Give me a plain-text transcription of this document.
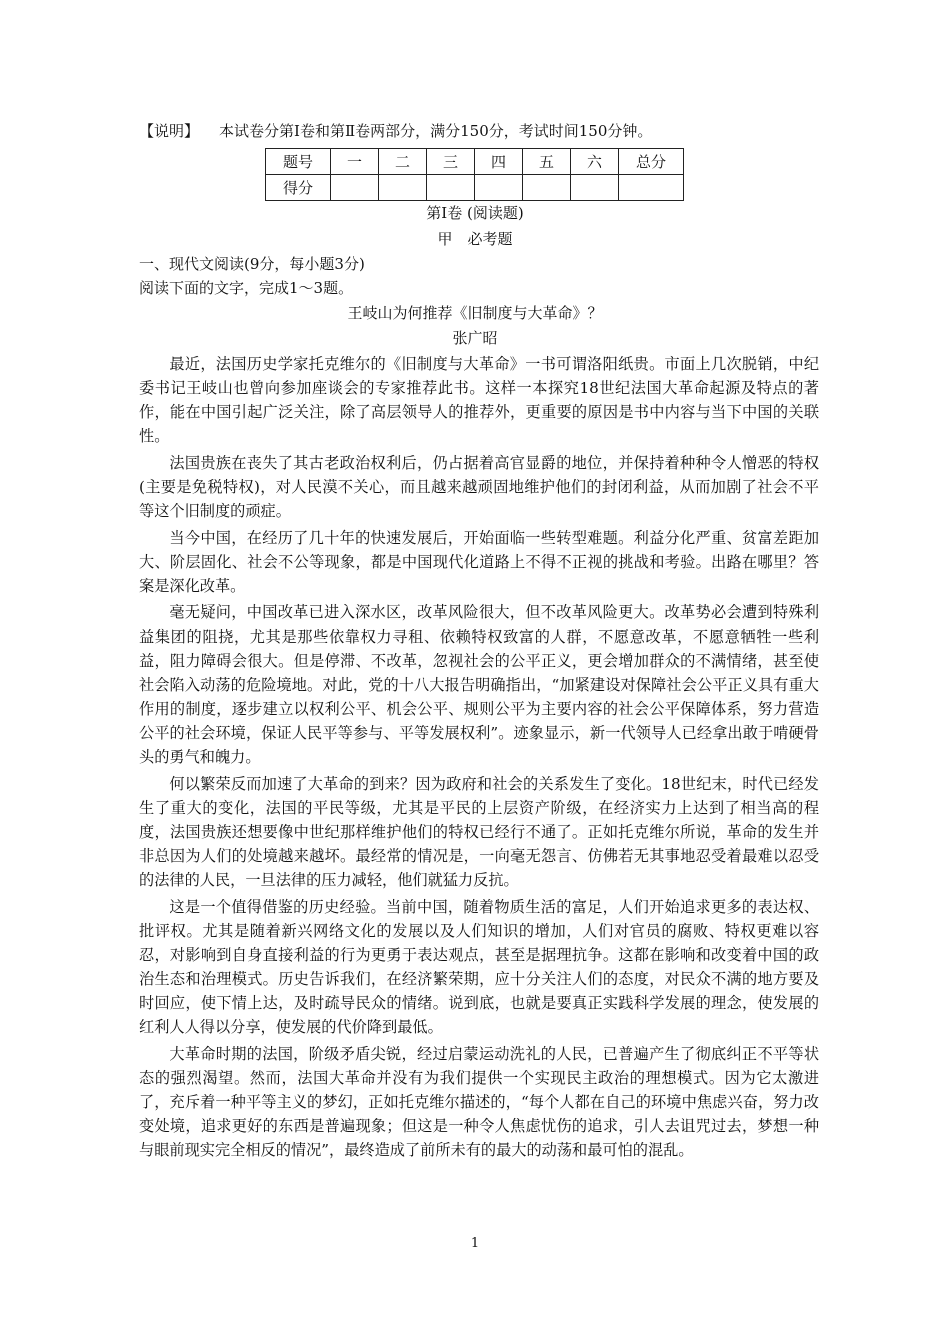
【说明】 本试卷分第Ⅰ卷和第Ⅱ卷两部分，满分150分，考试时间150分钟。
题号	一	二	三	四	五	六	总分
得分							
第Ⅰ卷 (阅读题)
甲　必考题
一、现代文阅读(9分，每小题3分)
阅读下面的文字，完成1～3题。
王岐山为何推荐《旧制度与大革命》？
张广昭

最近，法国历史学家托克维尔的《旧制度与大革命》一书可谓洛阳纸贵。市面上几次脱销，中纪委书记王岐山也曾向参加座谈会的专家推荐此书。这样一本探究18世纪法国大革命起源及特点的著作，能在中国引起广泛关注，除了高层领导人的推荐外，更重要的原因是书中内容与当下中国的关联性。

法国贵族在丧失了其古老政治权利后，仍占据着高官显爵的地位，并保持着种种令人憎恶的特权(主要是免税特权)，对人民漠不关心，而且越来越顽固地维护他们的封闭利益，从而加剧了社会不平等这个旧制度的顽症。

当今中国，在经历了几十年的快速发展后，开始面临一些转型难题。利益分化严重、贫富差距加大、阶层固化、社会不公等现象，都是中国现代化道路上不得不正视的挑战和考验。出路在哪里？答案是深化改革。

毫无疑问，中国改革已进入深水区，改革风险很大，但不改革风险更大。改革势必会遭到特殊利益集团的阻挠，尤其是那些依靠权力寻租、依赖特权致富的人群，不愿意改革，不愿意牺牲一些利益，阻力障碍会很大。但是停滞、不改革，忽视社会的公平正义，更会增加群众的不满情绪，甚至使社会陷入动荡的危险境地。对此，党的十八大报告明确指出，“加紧建设对保障社会公平正义具有重大作用的制度，逐步建立以权利公平、机会公平、规则公平为主要内容的社会公平保障体系，努力营造公平的社会环境，保证人民平等参与、平等发展权利”。迹象显示，新一代领导人已经拿出敢于啃硬骨头的勇气和魄力。

何以繁荣反而加速了大革命的到来？因为政府和社会的关系发生了变化。18世纪末，时代已经发生了重大的变化，法国的平民等级，尤其是平民的上层资产阶级，在经济实力上达到了相当高的程度，法国贵族还想要像中世纪那样维护他们的特权已经行不通了。正如托克维尔所说，革命的发生并非总因为人们的处境越来越坏。最经常的情况是，一向毫无怨言、仿佛若无其事地忍受着最难以忍受的法律的人民，一旦法律的压力减轻，他们就猛力反抗。

这是一个值得借鉴的历史经验。当前中国，随着物质生活的富足，人们开始追求更多的表达权、批评权。尤其是随着新兴网络文化的发展以及人们知识的增加，人们对官员的腐败、特权更难以容忍，对影响到自身直接利益的行为更勇于表达观点，甚至是据理抗争。这都在影响和改变着中国的政治生态和治理模式。历史告诉我们，在经济繁荣期，应十分关注人们的态度，对民众不满的地方要及时回应，使下情上达，及时疏导民众的情绪。说到底，也就是要真正实践科学发展的理念，使发展的红利人人得以分享，使发展的代价降到最低。

大革命时期的法国，阶级矛盾尖锐，经过启蒙运动洗礼的人民，已普遍产生了彻底纠正不平等状态的强烈渴望。然而，法国大革命并没有为我们提供一个实现民主政治的理想模式。因为它太激进了，充斥着一种平等主义的梦幻，正如托克维尔描述的，“每个人都在自己的环境中焦虑兴奋，努力改变处境，追求更好的东西是普遍现象；但这是一种令人焦虑忧伤的追求，引人去诅咒过去，梦想一种与眼前现实完全相反的情况”，最终造成了前所未有的最大的动荡和最可怕的混乱。

1
